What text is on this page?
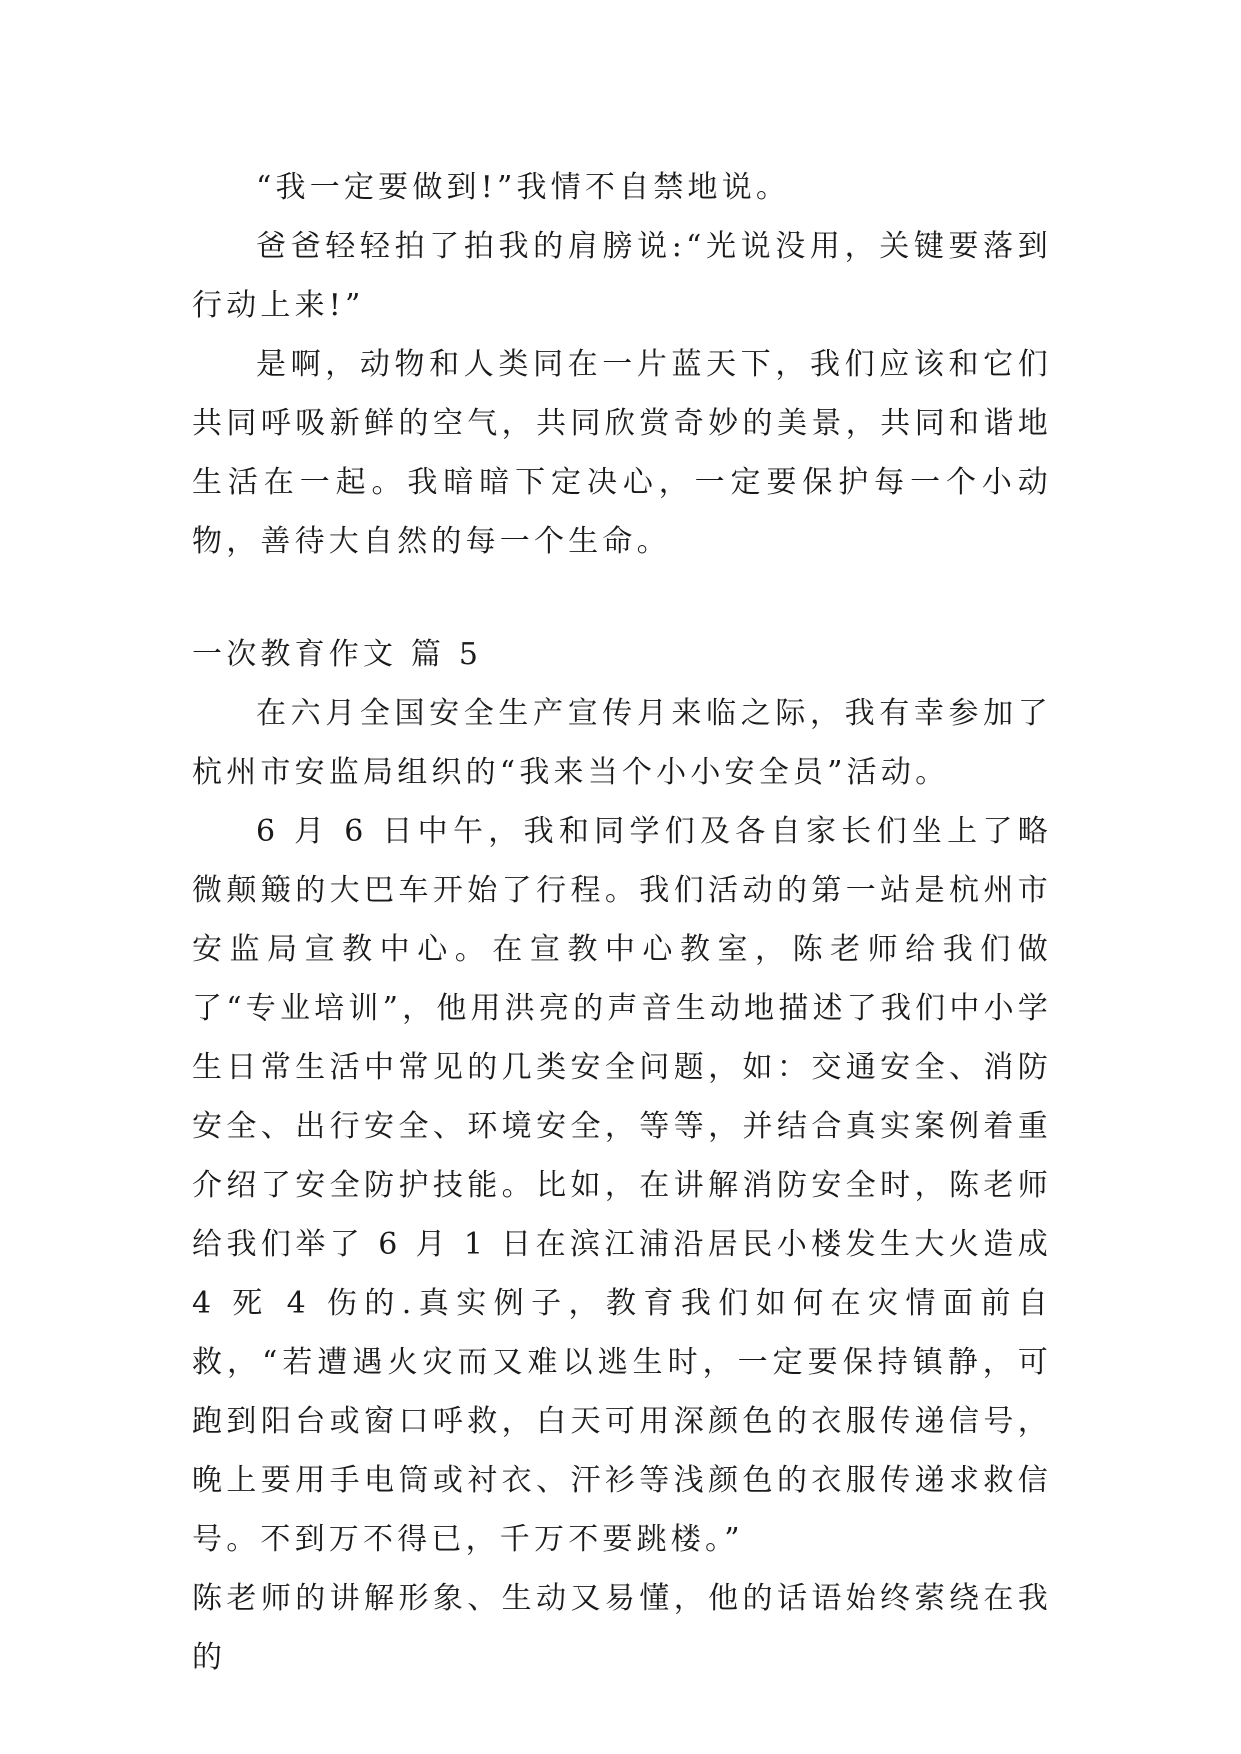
“我一定要做到!”我情不自禁地说。

爸爸轻轻拍了拍我的肩膀说:“光说没用，关键要落到行动上来!”

是啊，动物和人类同在一片蓝天下，我们应该和它们共同呼吸新鲜的空气，共同欣赏奇妙的美景，共同和谐地生活在一起。我暗暗下定决心，一定要保护每一个小动物，善待大自然的每一个生命。

一次教育作文 篇 5

在六月全国安全生产宣传月来临之际，我有幸参加了杭州市安监局组织的“我来当个小小安全员”活动。

6 月 6 日中午，我和同学们及各自家长们坐上了略微颠簸的大巴车开始了行程。我们活动的第一站是杭州市安监局宣教中心。在宣教中心教室，陈老师给我们做了“专业培训”，他用洪亮的声音生动地描述了我们中小学生日常生活中常见的几类安全问题，如：交通安全、消防安全、出行安全、环境安全，等等，并结合真实案例着重介绍了安全防护技能。比如，在讲解消防安全时，陈老师给我们举了 6 月 1 日在滨江浦沿居民小楼发生大火造成 4 死 4 伤的.真实例子，教育我们如何在灾情面前自救，“若遭遇火灾而又难以逃生时，一定要保持镇静，可跑到阳台或窗口呼救，白天可用深颜色的衣服传递信号，晚上要用手电筒或衬衣、汗衫等浅颜色的衣服传递求救信号。不到万不得已，千万不要跳楼。”

陈老师的讲解形象、生动又易懂，他的话语始终萦绕在我的
